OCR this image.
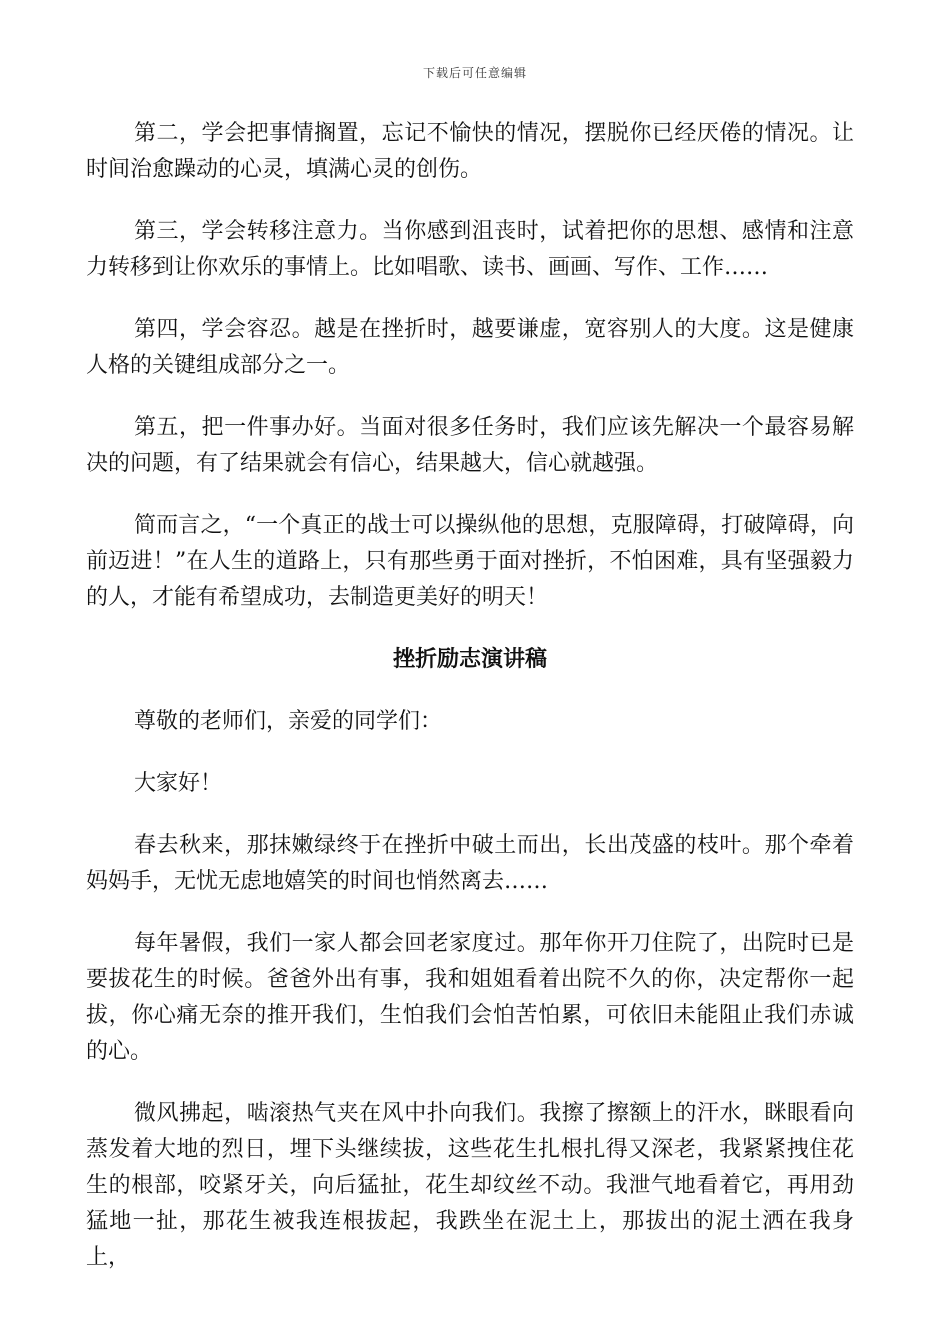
下载后可任意编辑

第二，学会把事情搁置，忘记不愉快的情况，摆脱你已经厌倦的情况。让时间治愈躁动的心灵，填满心灵的创伤。

第三，学会转移注意力。当你感到沮丧时，试着把你的思想、感情和注意力转移到让你欢乐的事情上。比如唱歌、读书、画画、写作、工作……

第四，学会容忍。越是在挫折时，越要谦虚，宽容别人的大度。这是健康人格的关键组成部分之一。

第五，把一件事办好。当面对很多任务时，我们应该先解决一个最容易解决的问题，有了结果就会有信心，结果越大，信心就越强。

简而言之，“一个真正的战士可以操纵他的思想，克服障碍，打破障碍，向前迈进！”在人生的道路上，只有那些勇于面对挫折，不怕困难，具有坚强毅力的人，才能有希望成功，去制造更美好的明天！

挫折励志演讲稿

尊敬的老师们，亲爱的同学们：

大家好！

春去秋来，那抹嫩绿终于在挫折中破土而出，长出茂盛的枝叶。那个牵着妈妈手，无忧无虑地嬉笑的时间也悄然离去……

每年暑假，我们一家人都会回老家度过。那年你开刀住院了，出院时已是要拔花生的时候。爸爸外出有事，我和姐姐看着出院不久的你，决定帮你一起拔，你心痛无奈的推开我们，生怕我们会怕苦怕累，可依旧未能阻止我们赤诚的心。

微风拂起，啮滚热气夹在风中扑向我们。我擦了擦额上的汗水，眯眼看向蒸发着大地的烈日，埋下头继续拔，这些花生扎根扎得又深老，我紧紧拽住花生的根部，咬紧牙关，向后猛扯，花生却纹丝不动。我泄气地看着它，再用劲猛地一扯，那花生被我连根拔起，我跌坐在泥土上，那拔出的泥土洒在我身上，
